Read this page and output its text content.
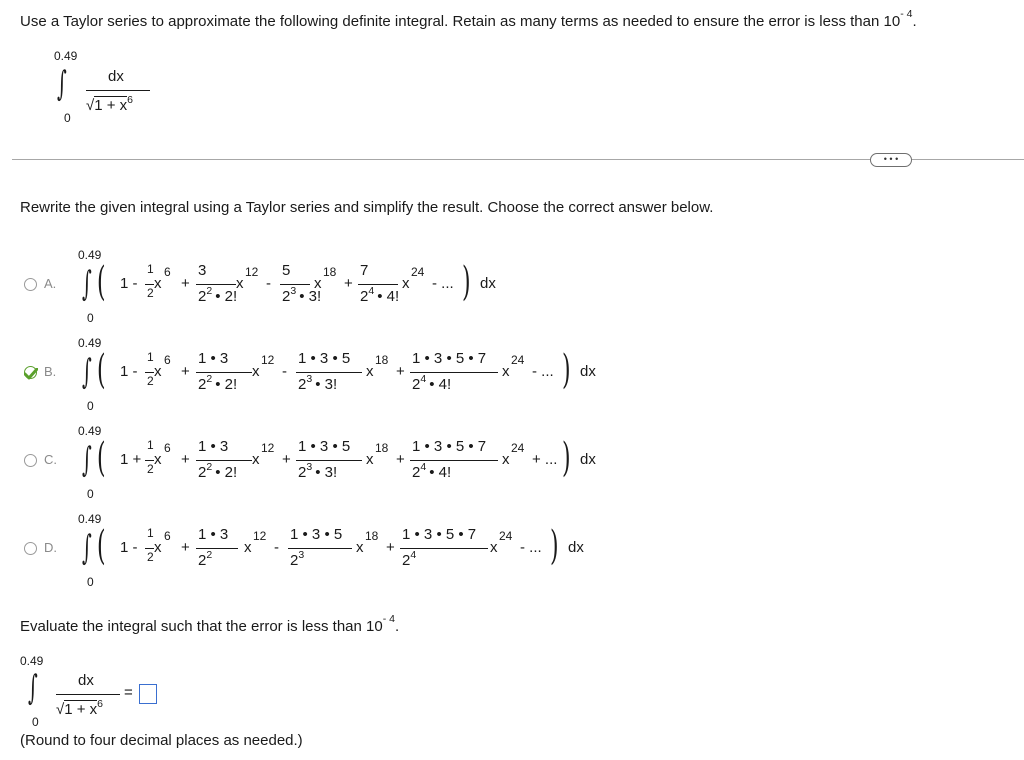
Use a Taylor series to approximate the following definite integral. Retain as many terms as needed to ensure the error is less than $10^{- 4}$.
0.49
∫
0
dx
$√1 + x^6$
• • •
Rewrite the given integral using a Taylor series and simplify the result. Choose the correct answer below.
A.
0.49
∫
0
( 1 -
1
2
x
6
+
3
$2^2$ • 2!
x
12
-
5
$2^3$ • 3!
x
18
+
7
$2^4$ • 4!
x
24
- ... ) dx
B.
0.49
∫
0
( 1 -
1
2
x
6
+
1 • 3
$2^2$ • 2!
x
12
-
1 • 3 • 5
$2^3$ • 3!
x
18
+
1 • 3 • 5 • 7
$2^4$ • 4!
x
24
- ... ) dx
C.
0.49
∫
0
( 1 +
1
2
x
6
+
1 • 3
$2^2$ • 2!
x
12
+
1 • 3 • 5
$2^3$ • 3!
x
18
+
1 • 3 • 5 • 7
$2^4$ • 4!
x
24
+ ... ) dx
D.
0.49
∫
0
( 1 -
1
2
x
6
+
1 • 3
$2^2$ x
12
-
1 • 3 • 5
$2^3$	x
18
+
1 • 3 • 5 • 7
$2^4$	x
24
- ... ) dx
Evaluate the integral such that the error is less than $10^{- 4}$.
0.49
∫
0
dx
$√1 + x^6$
=
(Round to four decimal places as needed.)
